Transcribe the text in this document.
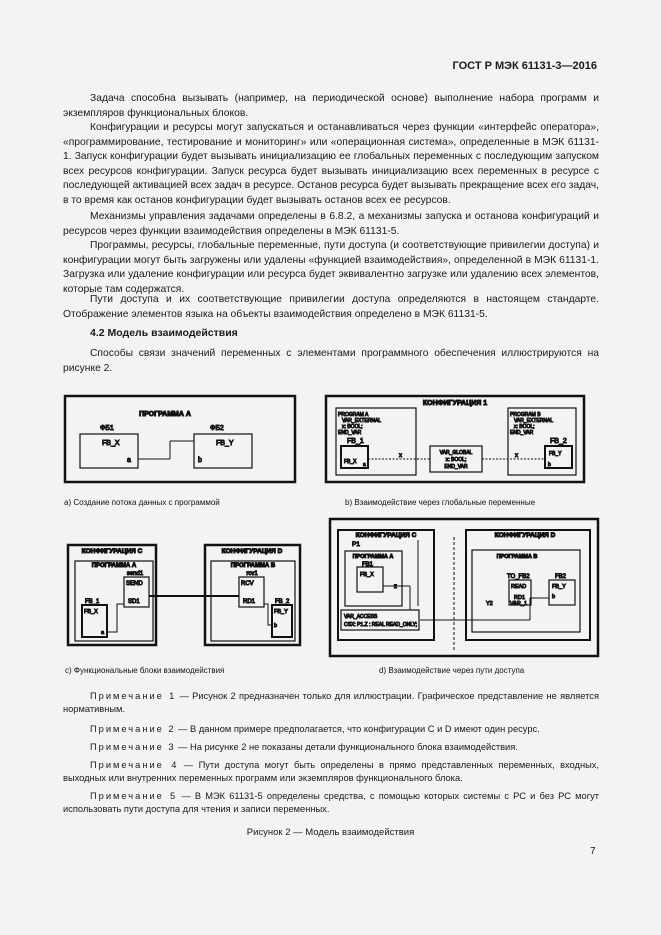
ГОСТ Р МЭК 61131-3—2016

Задача способна вызывать (например, на периодической основе) выполнение набора программ и экземпляров функциональных блоков.

Конфигурации и ресурсы могут запускаться и останавливаться через функции «интерфейс оператора», «программирование, тестирование и мониторинг» или «операционная система», определенные в МЭК 61131-1. Запуск конфигурации будет вызывать инициализацию ее глобальных переменных с последующим запуском всех ресурсов конфигурации. Запуск ресурса будет вызывать инициализацию всех переменных в ресурсе с последующей активацией всех задач в ресурсе. Останов ресурса будет вызывать прекращение всех его задач, в то время как останов конфигурации будет вызывать останов всех ее ресурсов.

Механизмы управления задачами определены в 6.8.2, а механизмы запуска и останова конфигураций и ресурсов через функции взаимодействия определены в МЭК 61131-5.

Программы, ресурсы, глобальные переменные, пути доступа (и соответствующие привилегии доступа) и конфигурации могут быть загружены или удалены «функцией взаимодействия», определенной в МЭК 61131-1. Загрузка или удаление конфигурации или ресурса будет эквивалентно загрузке или удалению всех элементов, которые там содержатся.

Пути доступа и их соответствующие привилегии доступа определяются в настоящем стандарте. Отображение элементов языка на объекты взаимодействия определено в МЭК 61131-5.

4.2 Модель взаимодействия

Способы связи значений переменных с элементами программного обеспечения иллюстрируются на рисунке 2.

ПРОГРАММА А
ФБ1	ФБ2
FB_X	FB_Y
a	b
КОНФИГУРАЦИЯ 1
PROGRAM A
VAR_EXTERNAL
x: BOOL;
END_VAR
PROGRAM B
VAR_EXTERNAL
x: BOOL;
END_VAR
FB_1	FB_2
FB_X
FB_Y
a	b
VAR_GLOBAL
x: BOOL;
END_VAR
x	x
КОНФИГУРАЦИЯ С	КОНФИГУРАЦИЯ D
ПРОГРАММА А	ПРОГРАММА В
send1
SEND
SD1
rcv1
RCV
RD1
FB_1	FB_2
FB_X	FB_Y
a
b
КОНФИГУРАЦИЯ С	КОНФИГУРАЦИЯ D
P1
ПРОГРАММА А	ПРОГРАММА В
FB1
FB_X
z
TO_FB2
READ
RD1
Y2	VAR_1
FB2
FB_Y
b
VAR_ACCESS
CSX: P1.Z : REAL READ_ONLY;
a) Создание потока данных с программой	b) Взаимодействие через глобальные переменные
c) Функциональные блоки взаимодействия	d) Взаимодействие через пути доступа

Примечание 1 — Рисунок 2 предназначен только для иллюстрации. Графическое представление не является нормативным.

Примечание 2 — В данном примере предполагается, что конфигурации С и D имеют один ресурс.

Примечание 3 — На рисунке 2 не показаны детали функционального блока взаимодействия.

Примечание 4 — Пути доступа могут быть определены в прямо представленных переменных, входных, выходных или внутренних переменных программ или экземпляров функционального блока.

Примечание 5 — В МЭК 61131-5 определены средства, с помощью которых системы с РС и без РС могут использовать пути доступа для чтения и записи переменных.

Рисунок 2 — Модель взаимодействия
7
